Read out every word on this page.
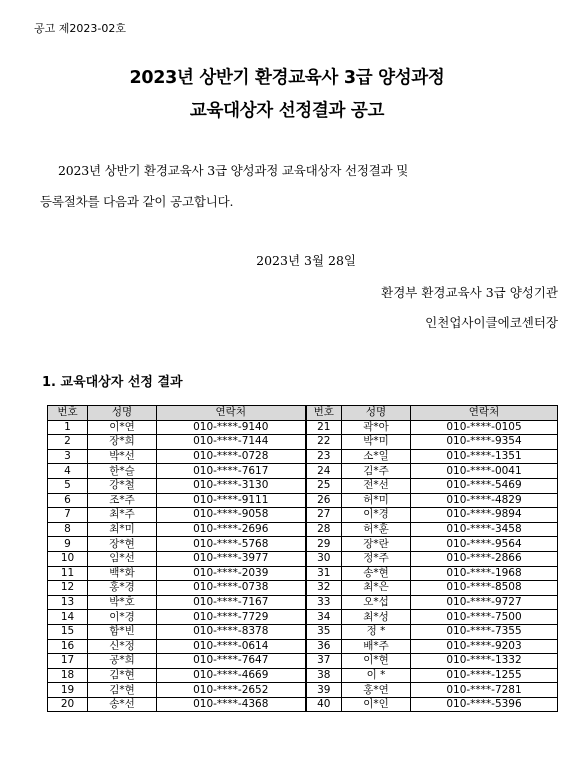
공고 제2023-02호
2023년 상반기 환경교육사 3급 양성과정
교육대상자 선정결과 공고
2023년 상반기 환경교육사 3급 양성과정 교육대상자 선정결과 및
등록절차를 다음과 같이 공고합니다.
2023년 3월 28일
환경부 환경교육사 3급 양성기관
인천업사이클에코센터장
1. 교육대상자 선정 결과
번호	성명	연락처	번호	성명	연락처
1	이*연	010-****-9140	21	곽*아	010-****-0105
2	장*희	010-****-7144	22	박*미	010-****-9354
3	박*선	010-****-0728	23	소*일	010-****-1351
4	한*슬	010-****-7617	24	김*주	010-****-0041
5	강*철	010-****-3130	25	전*선	010-****-5469
6	조*주	010-****-9111	26	허*미	010-****-4829
7	최*주	010-****-9058	27	이*경	010-****-9894
8	최*미	010-****-2696	28	허*훈	010-****-3458
9	장*현	010-****-5768	29	장*란	010-****-9564
10	임*선	010-****-3977	30	정*주	010-****-2866
11	백*화	010-****-2039	31	송*현	010-****-1968
12	홍*경	010-****-0738	32	최*은	010-****-8508
13	박*호	010-****-7167	33	오*섭	010-****-9727
14	이*경	010-****-7729	34	최*성	010-****-7500
15	함*빈	010-****-8378	35	정 *	010-****-7355
16	신*정	010-****-0614	36	배*주	010-****-9203
17	공*희	010-****-7647	37	이*현	010-****-1332
18	김*현	010-****-4669	38	이 *	010-****-1255
19	김*현	010-****-2652	39	홍*연	010-****-7281
20	송*선	010-****-4368	40	이*인	010-****-5396
